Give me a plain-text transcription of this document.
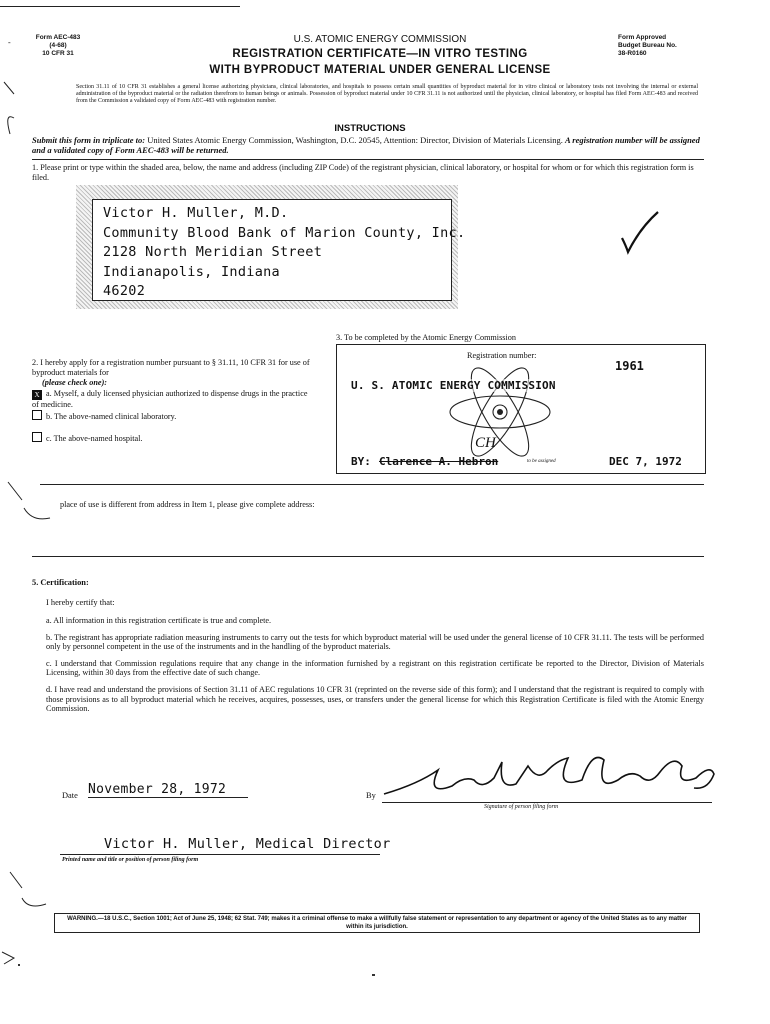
Form AEC-483
(4-68)
10 CFR 31
-	U.S. ATOMIC ENERGY COMMISSION
REGISTRATION CERTIFICATE—IN VITRO TESTING
WITH BYPRODUCT MATERIAL UNDER GENERAL LICENSE
Form Approved
Budget Bureau No.
38-R0160
Section 31.11 of 10 CFR 31 establishes a general license authorizing physicians, clinical laboratories, and hospitals to possess certain small quantities of byproduct material for in vitro clinical or laboratory tests not involving the internal or external administration of the byproduct material or the radiation therefrom to human beings or animals. Possession of byproduct material under 10 CFR 31.11 is not authorized until the physician, clinical laboratory, or hospital has filed Form AEC-483 and received from the Commission a validated copy of Form AEC-483 with registration number.
INSTRUCTIONS
Submit this form in triplicate to: United States Atomic Energy Commission, Washington, D.C. 20545, Attention: Director, Division of Materials Licensing. A registration number will be assigned and a validated copy of Form AEC-483 will be returned.
1. Please print or type within the shaded area, below, the name and address (including ZIP Code) of the registrant physician, clinical laboratory, or hospital for whom or for which this registration form is filed.
Victor H. Muller, M.D.
Community Blood Bank of Marion County, Inc.
2128 North Meridian Street
Indianapolis, Indiana
46202
3. To be completed by the Atomic Energy Commission
2. I hereby apply for a registration number pursuant to § 31.11, 10 CFR 31 for use of byproduct materials for
(please check one):
X a. Myself, a duly licensed physician authorized to dispense drugs in the practice of medicine.
b. The above-named clinical laboratory.
c. The above-named hospital.
Registration number:
1961
U. S. ATOMIC ENERGY COMMISSION
CH
BY: Clarence A. Hebron	to be assigned	DEC 7, 1972
place of use is different from address in Item 1, please give complete address:
5. Certification:
I hereby certify that:
a. All information in this registration certificate is true and complete.
b. The registrant has appropriate radiation measuring instruments to carry out the tests for which byproduct material will be used under the general license of 10 CFR 31.11. The tests will be performed only by personnel competent in the use of the instruments and in the handling of the byproduct materials.
c. I understand that Commission regulations require that any change in the information furnished by a registrant on this registration certificate be reported to the Director, Division of Materials Licensing, within 30 days from the effective date of such change.
d. I have read and understand the provisions of Section 31.11 of AEC regulations 10 CFR 31 (reprinted on the reverse side of this form); and I understand that the registrant is required to comply with those provisions as to all byproduct material which he receives, acquires, possesses, uses, or transfers under the general license for which this Registration Certificate is filed with the Atomic Energy Commission.
Date November 28, 1972	By
Signature of person filing form
Victor H. Muller, Medical Director
Printed name and title or position of person filing form
WARNING.—18 U.S.C., Section 1001; Act of June 25, 1948; 62 Stat. 749; makes it a criminal offense to make a willfully false statement or representation to any department or agency of the United States as to any matter within its jurisdiction.
